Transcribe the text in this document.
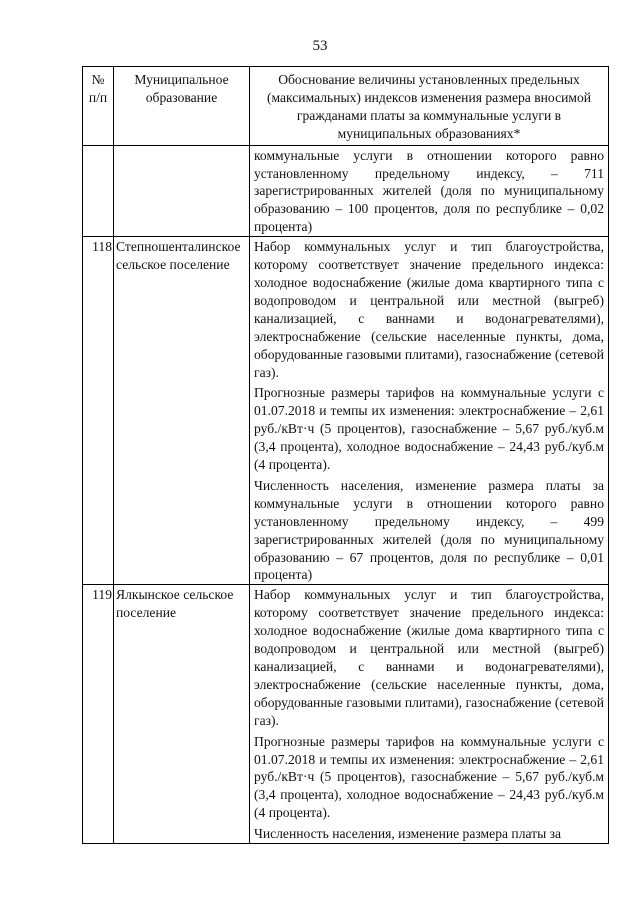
53
№ п/п	Муниципальное образование	Обоснование величины установленных предельных (максимальных) индексов изменения размера вносимой гражданами платы за коммунальные услуги в муниципальных образованиях*

		коммунальные услуги в отношении которого равно установленному предельному индексу, – 711 зарегистрированных жителей (доля по муниципальному образованию – 100 процентов, доля по республике – 0,02 процента)

118	Степношенталинское сельское поселение	Набор коммунальных услуг и тип благоустройства, которому соответствует значение предельного индекса: холодное водоснабжение (жилые дома квартирного типа с водопроводом и центральной или местной (выгреб) канализацией, с ваннами и водонагревателями), электроснабжение (сельские населенные пункты, дома, оборудованные газовыми плитами), газоснабжение (сетевой газ).
Прогнозные размеры тарифов на коммунальные услуги с 01.07.2018 и темпы их изменения: электроснабжение – 2,61 руб./кВт·ч (5 процентов), газоснабжение – 5,67 руб./куб.м (3,4 процента), холодное водоснабжение – 24,43 руб./куб.м (4 процента).
Численность населения, изменение размера платы за коммунальные услуги в отношении которого равно установленному предельному индексу, – 499 зарегистрированных жителей (доля по муниципальному образованию – 67 процентов, доля по республике – 0,01 процента)

119	Ялкынское сельское поселение	Набор коммунальных услуг и тип благоустройства, которому соответствует значение предельного индекса: холодное водоснабжение (жилые дома квартирного типа с водопроводом и центральной или местной (выгреб) канализацией, с ваннами и водонагревателями), электроснабжение (сельские населенные пункты, дома, оборудованные газовыми плитами), газоснабжение (сетевой газ).
Прогнозные размеры тарифов на коммунальные услуги с 01.07.2018 и темпы их изменения: электроснабжение – 2,61 руб./кВт·ч (5 процентов), газоснабжение – 5,67 руб./куб.м (3,4 процента), холодное водоснабжение – 24,43 руб./куб.м (4 процента).
Численность населения, изменение размера платы за
